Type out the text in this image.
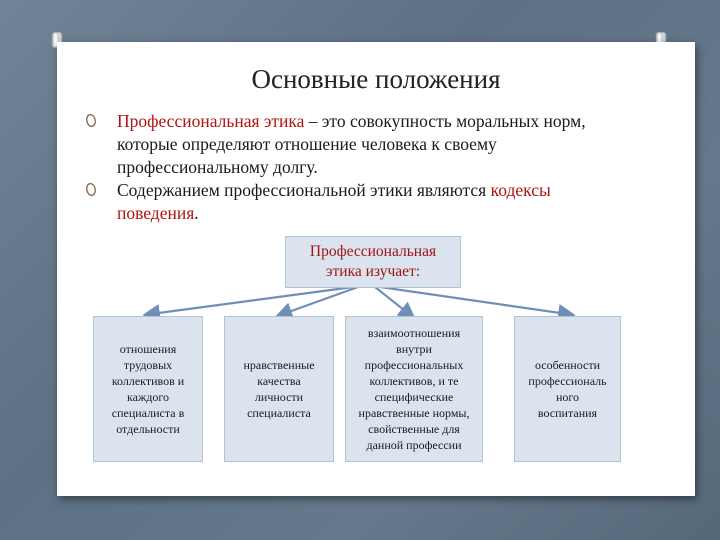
Основные положения
Профессиональная этика – это совокупность моральных норм, которые определяют отношение человека к своему профессиональному долгу.
Содержанием профессиональной этики являются кодексы поведения.
Профессиональная
этика изучает:
отношения
трудовых
коллективов и
каждого
специалиста в
отдельности
нравственные
качества
личности
специалиста
взаимоотношения
внутри
профессиональных
коллективов, и те
специфические
нравственные нормы,
свойственные для
данной профессии
особенности
профессиональ
ного
воспитания
